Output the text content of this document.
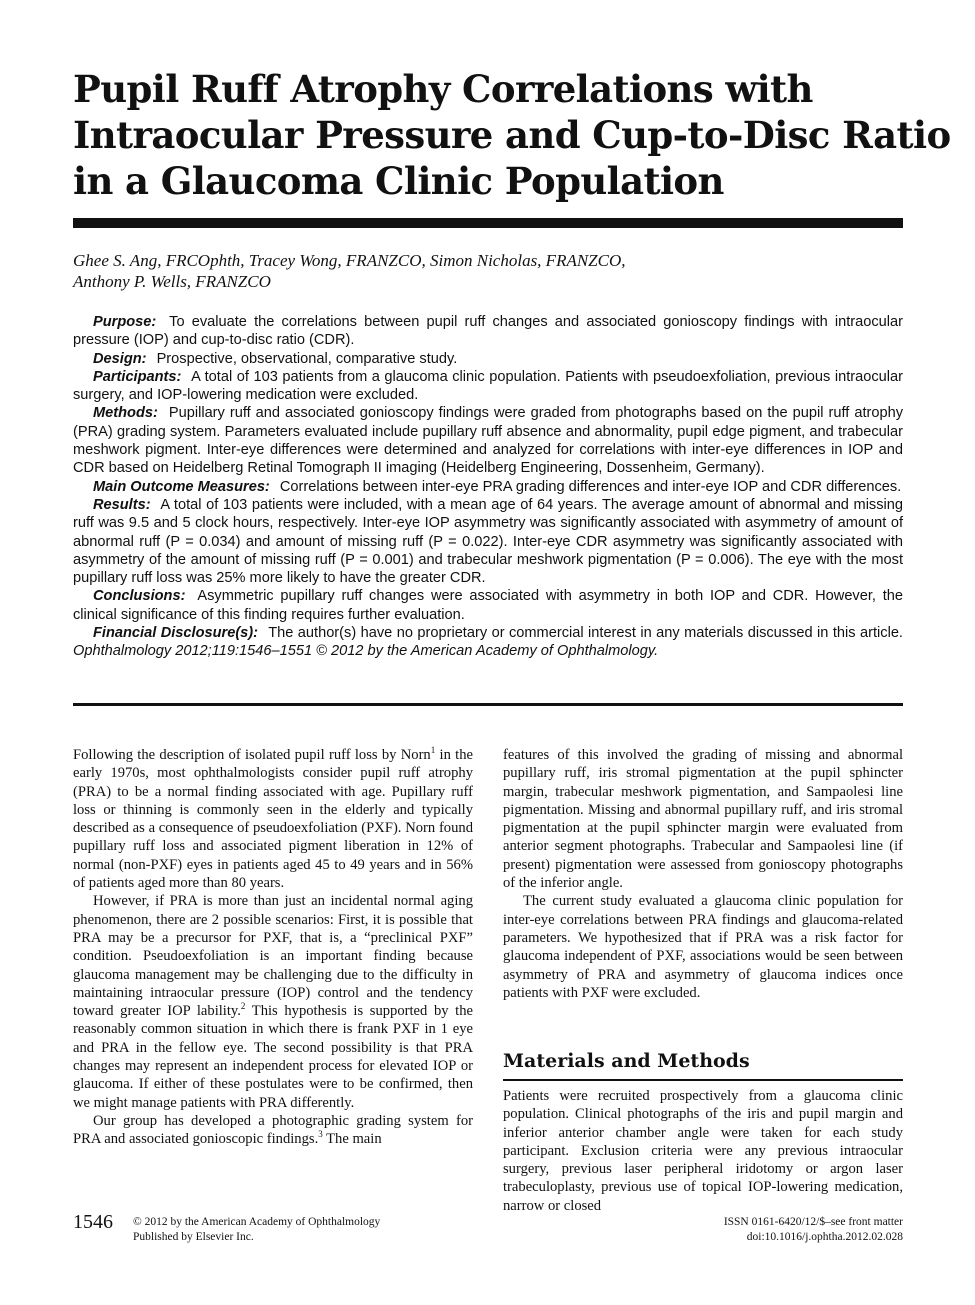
Pupil Ruff Atrophy Correlations with
Intraocular Pressure and Cup-to-Disc Ratio
in a Glaucoma Clinic Population
Ghee S. Ang, FRCOphth, Tracey Wong, FRANZCO, Simon Nicholas, FRANZCO,
Anthony P. Wells, FRANZCO

Purpose: To evaluate the correlations between pupil ruff changes and associated gonioscopy findings with intraocular pressure (IOP) and cup-to-disc ratio (CDR).

Design: Prospective, observational, comparative study.

Participants: A total of 103 patients from a glaucoma clinic population. Patients with pseudoexfoliation, previous intraocular surgery, and IOP-lowering medication were excluded.

Methods: Pupillary ruff and associated gonioscopy findings were graded from photographs based on the pupil ruff atrophy (PRA) grading system. Parameters evaluated include pupillary ruff absence and abnormality, pupil edge pigment, and trabecular meshwork pigment. Inter-eye differences were determined and analyzed for correlations with inter-eye differences in IOP and CDR based on Heidelberg Retinal Tomograph II imaging (Heidelberg Engineering, Dossenheim, Germany).

Main Outcome Measures: Correlations between inter-eye PRA grading differences and inter-eye IOP and CDR differences.

Results: A total of 103 patients were included, with a mean age of 64 years. The average amount of abnormal and missing ruff was 9.5 and 5 clock hours, respectively. Inter-eye IOP asymmetry was significantly associated with asymmetry of amount of abnormal ruff (P = 0.034) and amount of missing ruff (P = 0.022). Inter-eye CDR asymmetry was significantly associated with asymmetry of the amount of missing ruff (P = 0.001) and trabecular meshwork pigmentation (P = 0.006). The eye with the most pupillary ruff loss was 25% more likely to have the greater CDR.

Conclusions: Asymmetric pupillary ruff changes were associated with asymmetry in both IOP and CDR. However, the clinical significance of this finding requires further evaluation.

Financial Disclosure(s): The author(s) have no proprietary or commercial interest in any materials discussed in this article. Ophthalmology 2012;119:1546–1551 © 2012 by the American Academy of Ophthalmology.

Following the description of isolated pupil ruff loss by Norn$^1$ in the early 1970s, most ophthalmologists consider pupil ruff atrophy (PRA) to be a normal finding associated with age. Pupillary ruff loss or thinning is commonly seen in the elderly and typically described as a consequence of pseudoexfoliation (PXF). Norn found pupillary ruff loss and associated pigment liberation in 12% of normal (non-PXF) eyes in patients aged 45 to 49 years and in 56% of patients aged more than 80 years.

However, if PRA is more than just an incidental normal aging phenomenon, there are 2 possible scenarios: First, it is possible that PRA may be a precursor for PXF, that is, a “preclinical PXF” condition. Pseudoexfoliation is an important finding because glaucoma management may be challenging due to the difficulty in maintaining intraocular pressure (IOP) control and the tendency toward greater IOP lability.$^2$ This hypothesis is supported by the reasonably common situation in which there is frank PXF in 1 eye and PRA in the fellow eye. The second possibility is that PRA changes may represent an independent process for elevated IOP or glaucoma. If either of these postulates were to be confirmed, then we might manage patients with PRA differently.

Our group has developed a photographic grading system for PRA and associated gonioscopic findings.$^3$ The main

features of this involved the grading of missing and abnormal pupillary ruff, iris stromal pigmentation at the pupil sphincter margin, trabecular meshwork pigmentation, and Sampaolesi line pigmentation. Missing and abnormal pupillary ruff, and iris stromal pigmentation at the pupil sphincter margin were evaluated from anterior segment photographs. Trabecular and Sampaolesi line (if present) pigmentation were assessed from gonioscopy photographs of the inferior angle.

The current study evaluated a glaucoma clinic population for inter-eye correlations between PRA findings and glaucoma-related parameters. We hypothesized that if PRA was a risk factor for glaucoma independent of PXF, associations would be seen between asymmetry of PRA and asymmetry of glaucoma indices once patients with PXF were excluded.

Materials and Methods

Patients were recruited prospectively from a glaucoma clinic population. Clinical photographs of the iris and pupil margin and inferior anterior chamber angle were taken for each study participant. Exclusion criteria were any previous intraocular surgery, previous laser peripheral iridotomy or argon laser trabeculoplasty, previous use of topical IOP-lowering medication, narrow or closed

1546 © 2012 by the American Academy of Ophthalmology
Published by Elsevier Inc.
ISSN 0161-6420/12/$–see front matter
doi:10.1016/j.ophtha.2012.02.028
